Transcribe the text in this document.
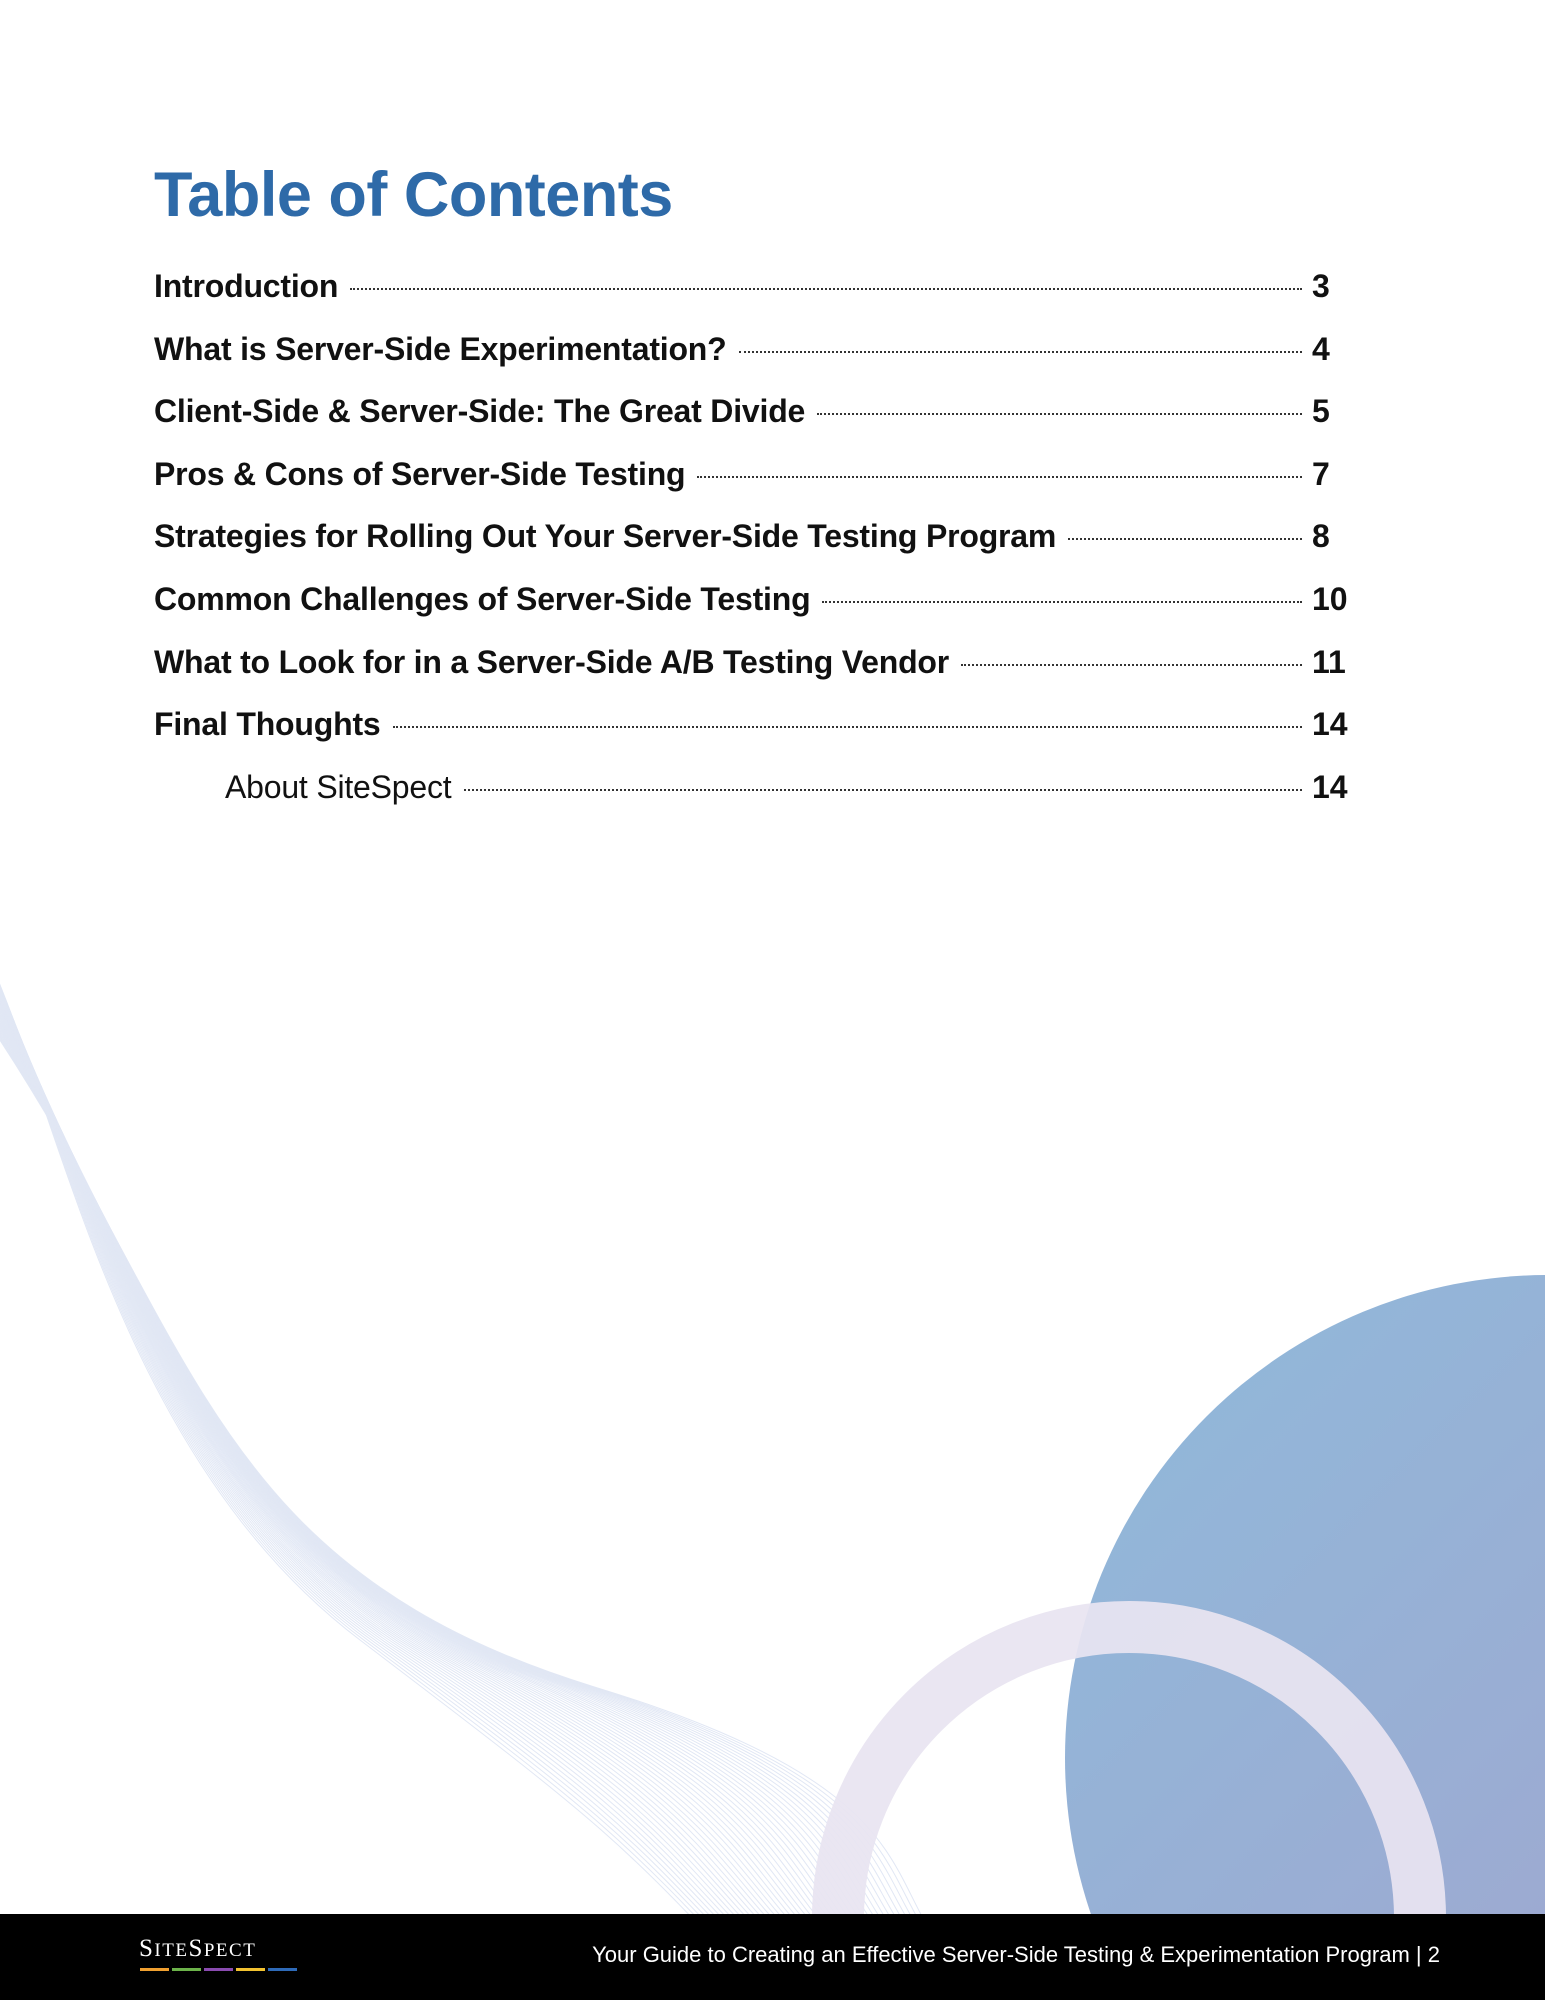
Table of Contents
Introduction	3
What is Server-Side Experimentation?	4
Client-Side & Server-Side: The Great Divide	5
Pros & Cons of Server-Side Testing	7
Strategies for Rolling Out Your Server-Side Testing Program	8
Common Challenges of Server-Side Testing	10
What to Look for in a Server-Side A/B Testing Vendor	11
Final Thoughts	14
About SiteSpect	14
SITESPECT	Your Guide to Creating an Effective Server-Side Testing & Experimentation Program | 2
